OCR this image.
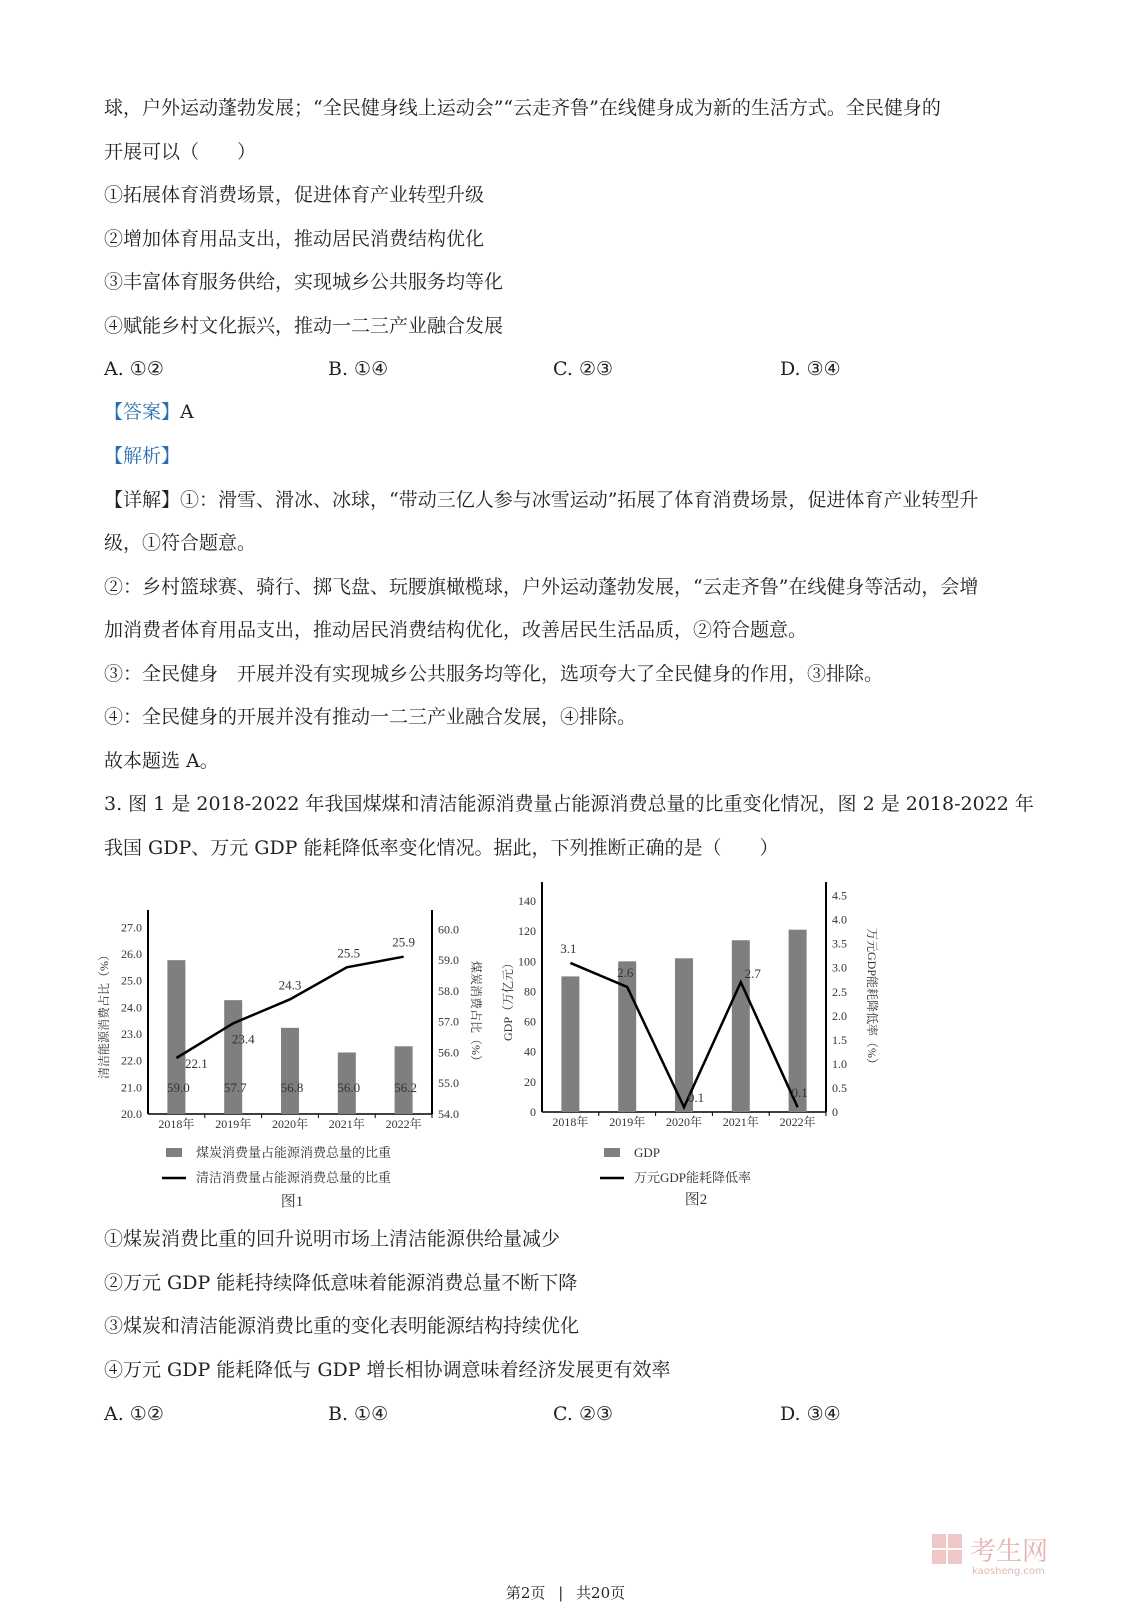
球，户外运动蓬勃发展；“全民健身线上运动会”“云走齐鲁”在线健身成为新的生活方式。全民健身的
开展可以（　　）
①拓展体育消费场景，促进体育产业转型升级
②增加体育用品支出，推动居民消费结构优化
③丰富体育服务供给，实现城乡公共服务均等化
④赋能乡村文化振兴，推动一二三产业融合发展
A. ①②	B. ①④	C. ②③	D. ③④
【答案】A
【解析】
【详解】①：滑雪、滑冰、冰球，“带动三亿人参与冰雪运动”拓展了体育消费场景，促进体育产业转型升
级，①符合题意。
②：乡村篮球赛、骑行、掷飞盘、玩腰旗橄榄球，户外运动蓬勃发展，“云走齐鲁”在线健身等活动，会增
加消费者体育用品支出，推动居民消费结构优化，改善居民生活品质，②符合题意。
③：全民健身　开展并没有实现城乡公共服务均等化，选项夸大了全民健身的作用，③排除。
④：全民健身的开展并没有推动一二三产业融合发展，④排除。
故本题选 A。
3. 图 1 是 2018-2022 年我国煤煤和清洁能源消费量占能源消费总量的比重变化情况，图 2 是 2018-2022 年
我国 GDP、万元 GDP 能耗降低率变化情况。据此，下列推断正确的是（　　）
20.0
21.0
22.0
23.0
24.0
25.0
26.0
27.0
54.0
55.0
56.0
57.0
58.0
59.0
60.0
2018年 2019年 2020年 2021年 2022年
清洁能源消费占比（%）	煤炭消费占比（%）
59.0	57.7	56.8	56.0	56.2
22.1
23.4
24.3
25.5
25.9
煤炭消费量占能源消费总量的比重
清洁消费量占能源消费总量的比重
图1
0
20
40
60
80
100
120
140
0
0.5
1.0
1.5
2.0
2.5
3.0
3.5
4.0
4.5
2018年 2019年 2020年 2021年 2022年
GDP（万亿元）	万元GDP能耗降低率（%）
3.1
2.6
0.1
2.7
0.1
GDP
万元GDP能耗降低率
图2
①煤炭消费比重的回升说明市场上清洁能源供给量减少
②万元 GDP 能耗持续降低意味着能源消费总量不断下降
③煤炭和清洁能源消费比重的变化表明能源结构持续优化
④万元 GDP 能耗降低与 GDP 增长相协调意味着经济发展更有效率
A. ①②	B. ①④	C. ②③	D. ③④
考生网
kaosheng.com
第2页 | 共20页
